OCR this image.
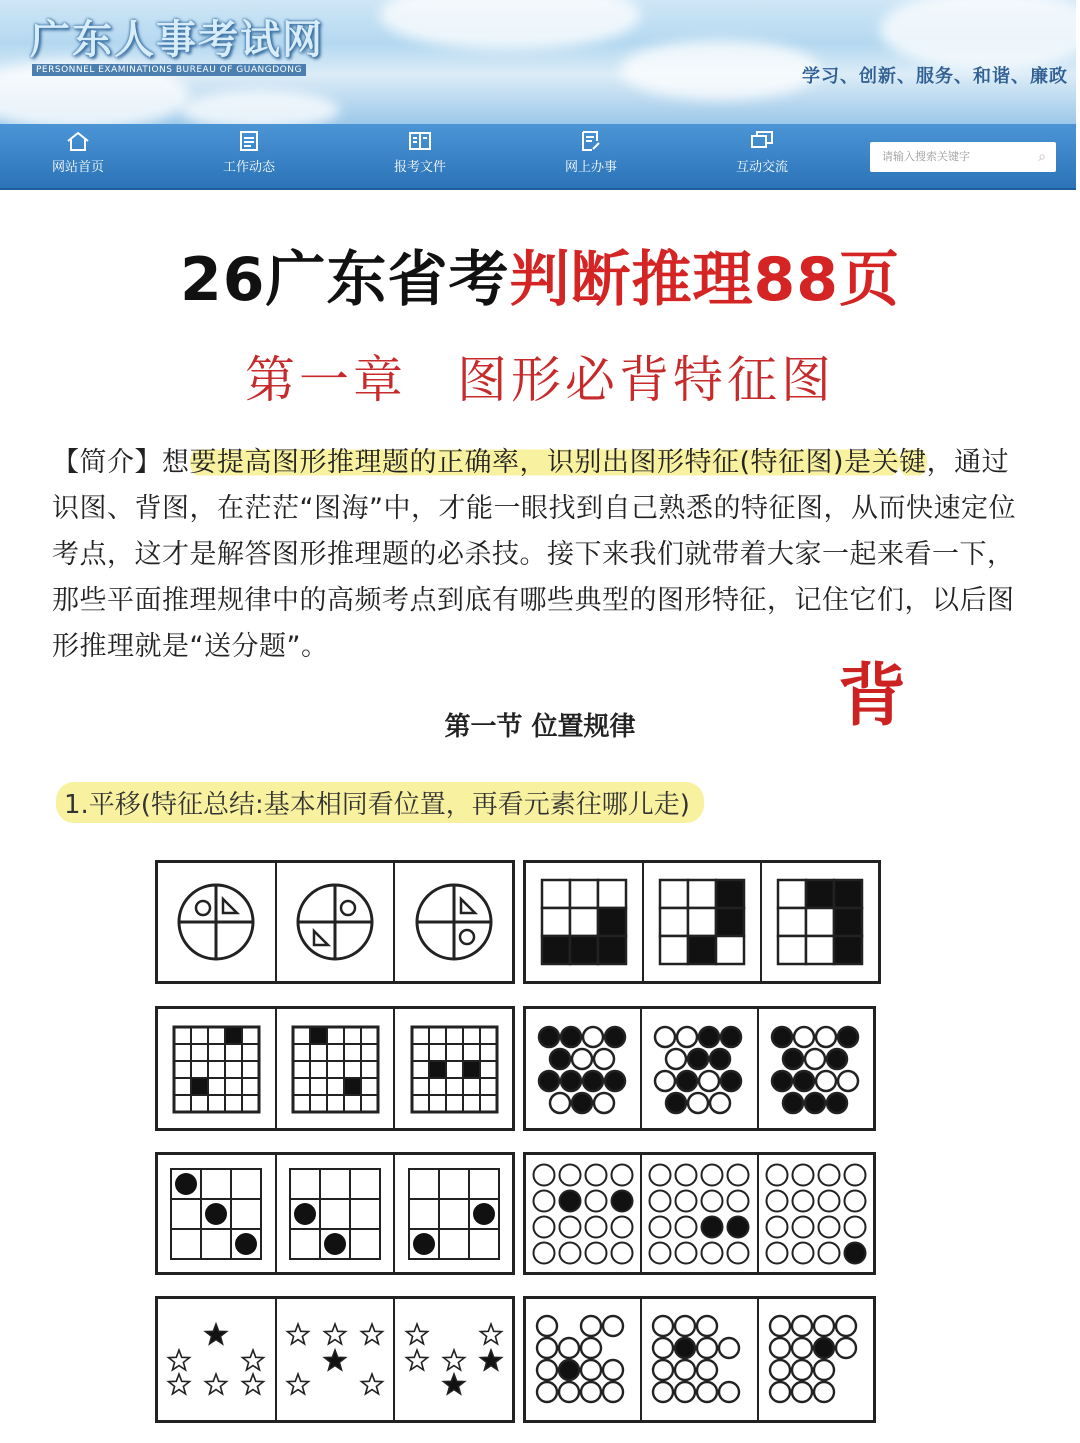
广东人事考试网
PERSONNEL EXAMINATIONS BUREAU OF GUANGDONG	学习、创新、服务、和谐、廉政
网站首页	工作动态	报考文件	网上办事	互动交流
请输入搜索关键字	⌕
26广东省考判断推理88页
第一章 图形必背特征图
【简介】想要提高图形推理题的正确率，识别出图形特征(特征图)是关键，通过识图、背图，在茫茫“图海”中，才能一眼找到自己熟悉的特征图，从而快速定位考点，这才是解答图形推理题的必杀技。接下来我们就带着大家一起来看一下，那些平面推理规律中的高频考点到底有哪些典型的图形特征，记住它们，以后图形推理就是“送分题”。
背
第一节 位置规律
1.平移(特征总结:基本相同看位置，再看元素往哪儿走)
